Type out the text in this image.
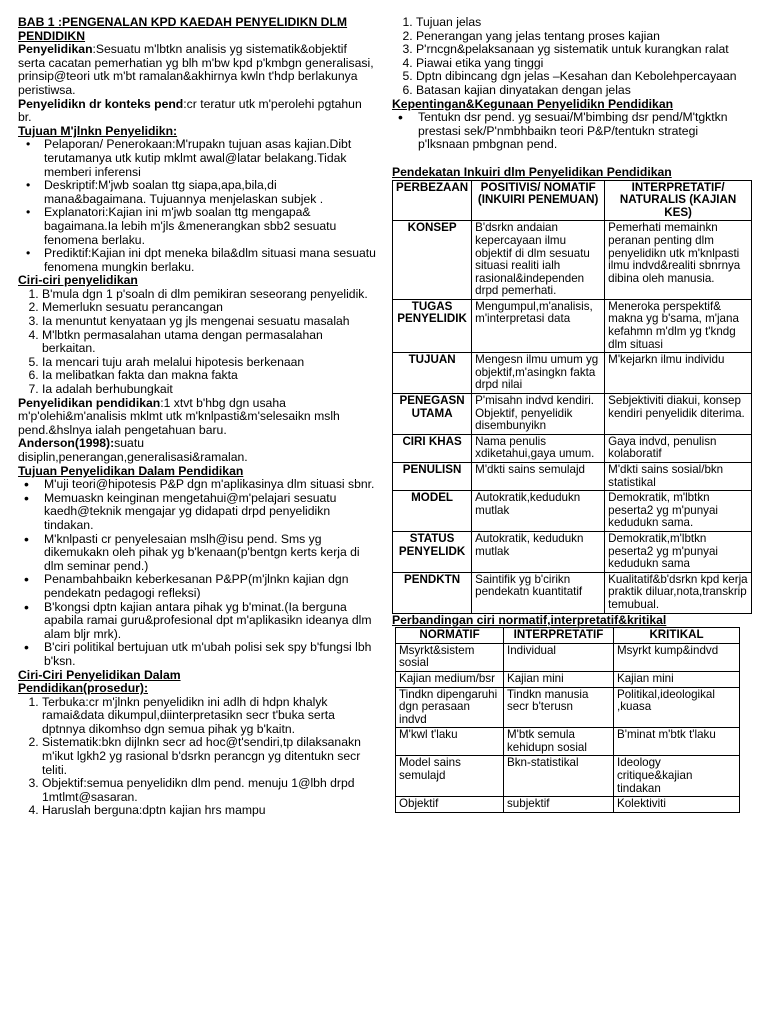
BAB 1 :PENGENALAN KPD KAEDAH PENYELIDIKN DLM PENDIDIKN

Penyelidikan:Sesuatu m'lbtkn analisis yg sistematik&objektif serta cacatan pemerhatian yg blh m'bw kpd p'kmbgn generalisasi, prinsip@teori utk m'bt ramalan&akhirnya kwln t'hdp berlakunya peristiwsa.

Penyelidikn dr konteks pend:cr teratur utk m'perolehi pgtahun br.

Tujuan M'jlnkn Penyelidikn:

• Pelaporan/ Penerokaan:M'rupakn tujuan asas kajian.Dibt terutamanya utk kutip mklmt awal@latar belakang.Tidak memberi inferensi
• Deskriptif:M'jwb soalan ttg siapa,apa,bila,di mana&bagaimana. Tujuannya menjelaskan subjek .
• Explanatori:Kajian ini m'jwb soalan ttg mengapa& bagaimana.Ia lebih m'jls &menerangkan sbb2 sesuatu fenomena berlaku.
• Prediktif:Kajian ini dpt meneka bila&dlm situasi mana sesuatu fenomena mungkin berlaku.

Ciri-ciri penyelidikan

1. B'mula dgn 1 p'soaln di dlm pemikiran seseorang penyelidik.
2. Memerlukn sesuatu perancangan
3. Ia menuntut kenyataan yg jls mengenai sesuatu masalah
4. M'lbtkn permasalahan utama dengan permasalahan berkaitan.
5. Ia mencari tuju arah melalui hipotesis berkenaan
6. Ia melibatkan fakta dan makna fakta
7. Ia adalah berhubungkait

Penyelidikan pendidikan:1 xtvt b'hbg dgn usaha m'p'olehi&m'analisis mklmt utk m'knlpasti&m'selesaikn mslh pend.&hslnya ialah pengetahuan baru.

Anderson(1998):suatu disiplin,penerangan,generalisasi&ramalan.

Tujuan Penyelidikan Dalam Pendidikan

• M'uji teori@hipotesis P&P dgn m'aplikasinya dlm situasi sbnr.
• Memuaskn keinginan mengetahui@m'pelajari sesuatu kaedh@teknik mengajar yg didapati drpd penyelidikn tindakan.
• M'knlpasti cr penyelesaian mslh@isu pend. Sms yg dikemukakn oleh pihak yg b'kenaan(p'bentgn kerts kerja di dlm seminar pend.)
• Penambahbaikn keberkesanan P&PP(m'jlnkn kajian dgn pendekatn pedagogi refleksi)
• B'kongsi dptn kajian antara pihak yg b'minat.(Ia berguna apabila ramai guru&profesional dpt m'aplikasikn ideanya dlm alam bljr mrk).
• B'ciri politikal bertujuan utk m'ubah polisi sek spy b'fungsi lbh b'ksn.

Ciri-Ciri Penyelidikan Dalam

Pendidikan(prosedur):

1. Terbuka:cr m'jlnkn penyelidikn ini adlh di hdpn khalyk ramai&data dikumpul,diinterpretasikn secr t'buka serta dptnnya dikomhso dgn semua pihak yg b'kaitn.
2. Sistematik:bkn dijlnkn secr ad hoc@t'sendiri,tp dilaksanakn m'ikut lgkh2 yg rasional b'dsrkn perancgn yg ditentukn secr teliti.
3. Objektif:semua penyelidikn dlm pend. menuju 1@lbh drpd 1mtlmt@sasaran.
4. Haruslah berguna:dptn kajian hrs mampu
1. Tujuan jelas
2. Penerangan yang jelas tentang proses kajian
3. P'rncgn&pelaksanaan yg sistematik untuk kurangkan ralat
4. Piawai etika yang tinggi
5. Dptn dibincang dgn jelas –Kesahan dan Kebolehpercayaan
6. Batasan kajian dinyatakan dengan jelas

Kepentingan&Kegunaan Penyelidikn Pendidikan

• Tentukn dsr pend. yg sesuai/M'bimbing dsr pend/M'tgktkn prestasi sek/P'nmbhbaikn teori P&P/tentukn strategi p'lksnaan pmbgnan pend.

Pendekatan Inkuiri dlm Penyelidikan Pendidikan

PERBEZAAN	POSITIVIS/ NOMATIF (INKUIRI PENEMUAN)	INTERPRETATIF/ NATURALIS (KAJIAN KES)
KONSEP	B'dsrkn andaian kepercayaan ilmu objektif di dlm sesuatu situasi realiti ialh rasional&independen drpd pemerhati.	Pemerhati memainkn peranan penting dlm penyelidikn utk m'knlpasti ilmu indvd&realiti sbnrnya dibina oleh manusia.
TUGAS PENYELIDIK	Mengumpul,m'analisis, m'interpretasi data	Meneroka perspektif& makna yg b'sama, m'jana kefahmn m'dlm yg t'kndg dlm situasi
TUJUAN	Mengesn ilmu umum yg objektif,m'asingkn fakta drpd nilai	M'kejarkn ilmu individu
PENEGASN UTAMA	P'misahn indvd kendiri. Objektif, penyelidik disembunyikn	Sebjektiviti diakui, konsep kendiri penyelidik diterima.
CIRI KHAS	Nama penulis xdiketahui,gaya umum.	Gaya indvd, penulisn kolaboratif
PENULISN	M'dkti sains semulajd	M'dkti sains sosial/bkn statistikal
MODEL	Autokratik,kedudukn mutlak	Demokratik, m'lbtkn peserta2 yg m'punyai kedudukn sama.
STATUS PENYELIDK	Autokratik, kedudukn mutlak	Demokratik,m'lbtkn peserta2 yg m'punyai kedudukn sama
PENDKTN	Saintifik yg b'cirikn pendekatn kuantitatif	Kualitatif&b'dsrkn kpd kerja praktik diluar,nota,transkrip temubual.

Perbandingan ciri normatif,interpretatif&kritikal

NORMATIF	INTERPRETATIF	KRITIKAL
Msyrkt&sistem sosial	Individual	Msyrkt kump&indvd
Kajian medium/bsr	Kajian mini	Kajian mini
Tindkn dipengaruhi dgn perasaan indvd	Tindkn manusia secr b'terusn	Politikal,ideologikal ,kuasa
M'kwl t'laku	M'btk semula kehidupn sosial	B'minat m'btk t'laku
Model sains semulajd	Bkn-statistikal	Ideology critique&kajian tindakan
Objektif	subjektif	Kolektiviti
